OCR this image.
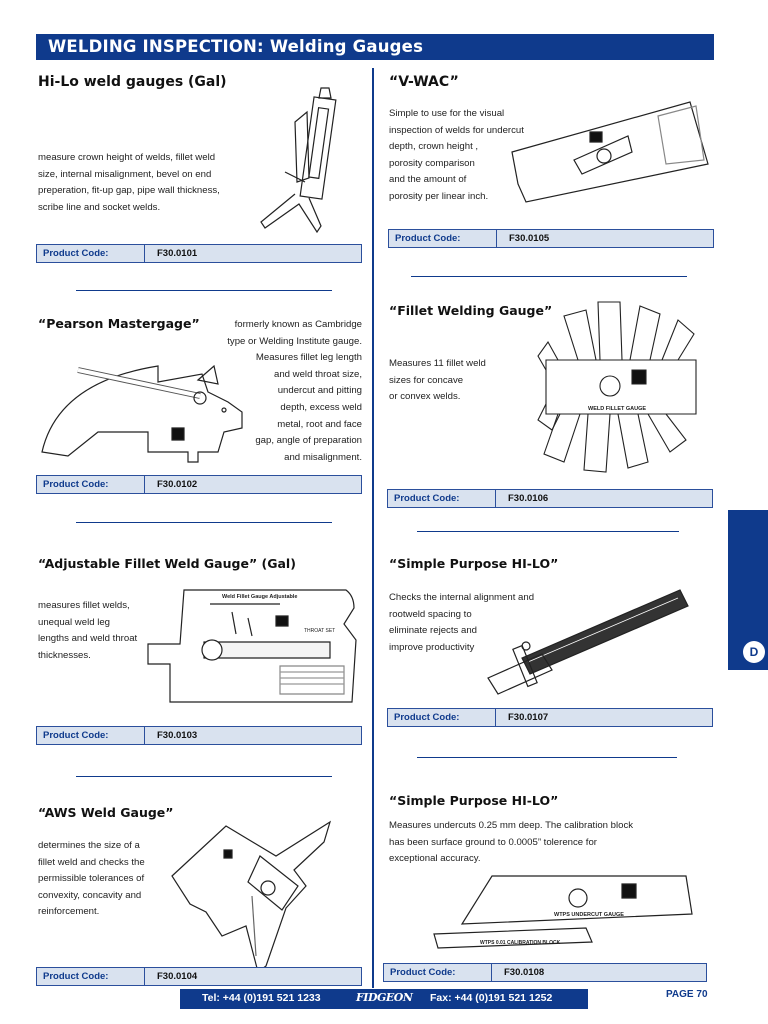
WELDING INSPECTION: Welding Gauges
Hi-Lo weld gauges (Gal)
measure crown height of welds, fillet weld
size, internal misalignment, bevel on end
preperation, fit-up gap, pipe wall thickness,
scribe line and socket welds.
Product Code:	F30.0101
“Pearson Mastergage”	formerly known as Cambridge
type or Welding Institute gauge.
Measures fillet leg length
and weld throat size,
undercut and pitting
depth, excess weld
metal, root and face
gap, angle of preparation
and misalignment.
Product Code:	F30.0102
“Adjustable Fillet Weld Gauge” (Gal)
measures fillet welds,
unequal weld leg
lengths and weld throat
thicknesses.
Weld Fillet Gauge Adjustable
THROAT SET
Product Code:	F30.0103
“AWS Weld Gauge”
determines the size of a
fillet weld and checks the
permissible tolerances of
convexity, concavity and
reinforcement.
Product Code:	F30.0104
“V-WAC”
Simple to use for the visual
inspection of welds for undercut
depth, crown height ,
porosity comparison
and the amount of
porosity per linear inch.
Product Code:	F30.0105
“Fillet Welding Gauge”
Measures 11 fillet weld
sizes for concave
or convex welds.
WELD FILLET GAUGE
Product Code:	F30.0106
“Simple Purpose HI-LO”
Checks the internal alignment and
rootweld spacing to
eliminate rejects and
improve productivity
Product Code:	F30.0107
“Simple Purpose HI-LO”
Measures undercuts 0.25 mm deep. The calibration block
has been surface ground to 0.0005” tolerence for
exceptional accuracy.
WTPS UNDERCUT GAUGE
WTPS 0.01 CALIBRATION BLOCK
Product Code:	F30.0108
D
Tel: +44 (0)191 521 1233	FIDGEON Fax: +44 (0)191 521 1252	PAGE 70
